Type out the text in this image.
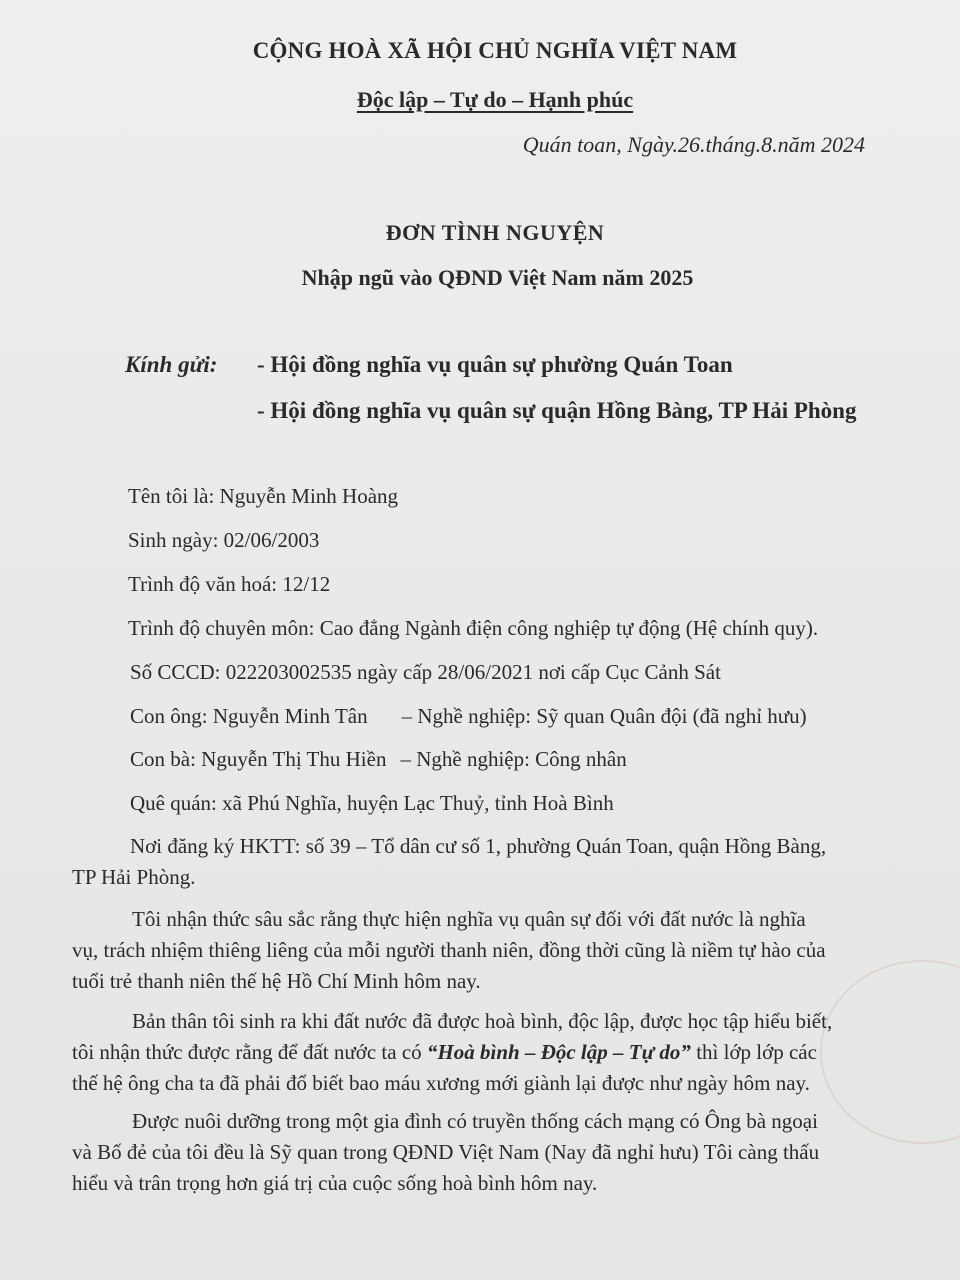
CỘNG HOÀ XÃ HỘI CHỦ NGHĨA VIỆT NAM
Độc lập – Tự do – Hạnh phúc
Quán toan, Ngày.26.tháng.8.năm 2024
ĐƠN TÌNH NGUYỆN
Nhập ngũ vào QĐND Việt Nam năm 2025
Kính gửi: - Hội đồng nghĩa vụ quân sự phường Quán Toan
- Hội đồng nghĩa vụ quân sự quận Hồng Bàng, TP Hải Phòng
Tên tôi là: Nguyễn Minh Hoàng
Sinh ngày: 02/06/2003
Trình độ văn hoá: 12/12
Trình độ chuyên môn: Cao đẳng Ngành điện công nghiệp tự động (Hệ chính quy).
Số CCCD: 022203002535 ngày cấp 28/06/2021 nơi cấp Cục Cảnh Sát
Con ông: Nguyễn Minh Tân – Nghề nghiệp: Sỹ quan Quân đội (đã nghỉ hưu)
Con bà: Nguyễn Thị Thu Hiền – Nghề nghiệp: Công nhân
Quê quán: xã Phú Nghĩa, huyện Lạc Thuỷ, tỉnh Hoà Bình
Nơi đăng ký HKTT: số 39 – Tổ dân cư số 1, phường Quán Toan, quận Hồng Bàng,
TP Hải Phòng.
Tôi nhận thức sâu sắc rằng thực hiện nghĩa vụ quân sự đối với đất nước là nghĩa
vụ, trách nhiệm thiêng liêng của mỗi người thanh niên, đồng thời cũng là niềm tự hào của
tuổi trẻ thanh niên thế hệ Hồ Chí Minh hôm nay.
Bản thân tôi sinh ra khi đất nước đã được hoà bình, độc lập, được học tập hiểu biết,
tôi nhận thức được rằng để đất nước ta có “Hoà bình – Độc lập – Tự do” thì lớp lớp các
thế hệ ông cha ta đã phải đổ biết bao máu xương mới giành lại được như ngày hôm nay.
Được nuôi dưỡng trong một gia đình có truyền thống cách mạng có Ông bà ngoại
và Bố đẻ của tôi đều là Sỹ quan trong QĐND Việt Nam (Nay đã nghỉ hưu) Tôi càng thấu
hiểu và trân trọng hơn giá trị của cuộc sống hoà bình hôm nay.
